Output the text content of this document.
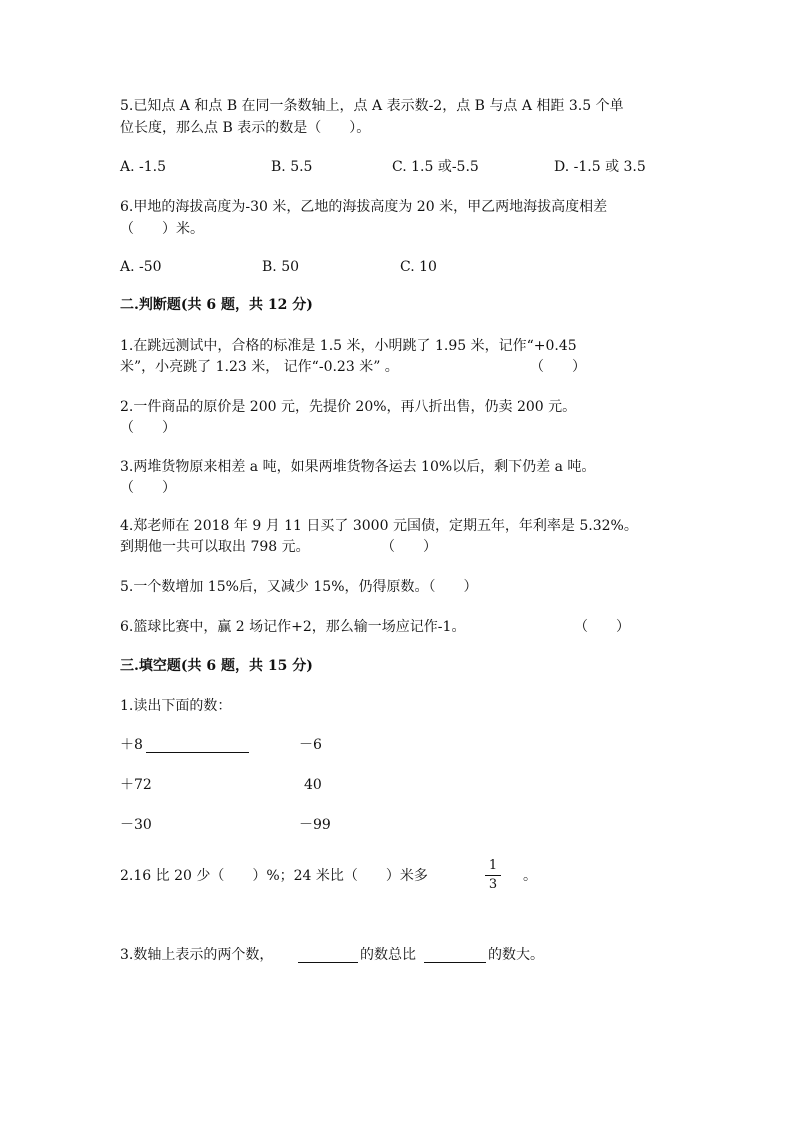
5.已知点 A 和点 B 在同一条数轴上，点 A 表示数-2，点 B 与点 A 相距 3.5 个单
位长度，那么点 B 表示的数是（　　）。
A. -1.5	B. 5.5	C. 1.5 或-5.5	D. -1.5 或 3.5
6.甲地的海拔高度为-30 米，乙地的海拔高度为 20 米，甲乙两地海拔高度相差
（　　）米。
A. -50	B. 50	C. 10
二.判断题(共 6 题，共 12 分)
1.在跳远测试中，合格的标准是 1.5 米，小明跳了 1.95 米，记作“+0.45
米”，小亮跳了 1.23 米， 记作“-0.23 米” 。	（　　）
2.一件商品的原价是 200 元，先提价 20%，再八折出售，仍卖 200 元。
（　　）
3.两堆货物原来相差 a 吨，如果两堆货物各运去 10%以后，剩下仍差 a 吨。
（　　）
4.郑老师在 2018 年 9 月 11 日买了 3000 元国债，定期五年，年利率是 5.32%。
到期他一共可以取出 798 元。	（　　）
5.一个数增加 15%后，又减少 15%，仍得原数。（　　）
6.篮球比赛中，赢 2 场记作+2，那么输一场应记作-1。	（　　）
三.填空题(共 6 题，共 15 分)
1.读出下面的数：
＋8	－6
＋72	40
－30	－99
2.16 比 20 少（　　）%；24 米比（　　）米多
1
3
。
3.数轴上表示的两个数，	的数总比	的数大。
